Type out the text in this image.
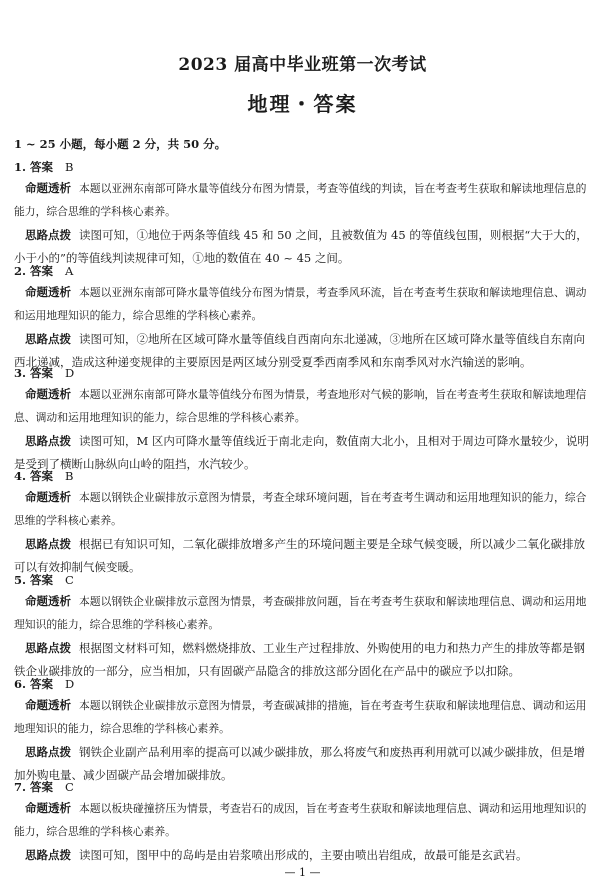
2023 届高中毕业班第一次考试
地理・答案
1 ~ 25 小题，每小题 2 分，共 50 分。
1. 答案 B
命题透析 本题以亚洲东南部可降水量等值线分布图为情景，考查等值线的判读，旨在考查考生获取和解读地理信息的能力，综合思维的学科核心素养。
思路点拨 读图可知，①地位于两条等值线 45 和 50 之间，且被数值为 45 的等值线包围，则根据“大于大的，小于小的”的等值线判读规律可知，①地的数值在 40 ~ 45 之间。
2. 答案 A
命题透析 本题以亚洲东南部可降水量等值线分布图为情景，考查季风环流，旨在考查考生获取和解读地理信息、调动和运用地理知识的能力，综合思维的学科核心素养。
思路点拨 读图可知，②地所在区域可降水量等值线自西南向东北递减，③地所在区域可降水量等值线自东南向西北递减，造成这种递变规律的主要原因是两区域分别受夏季西南季风和东南季风对水汽输送的影响。
3. 答案 D
命题透析 本题以亚洲东南部可降水量等值线分布图为情景，考查地形对气候的影响，旨在考查考生获取和解读地理信息、调动和运用地理知识的能力，综合思维的学科核心素养。
思路点拨 读图可知，M 区内可降水量等值线近于南北走向，数值南大北小，且相对于周边可降水量较少，说明是受到了横断山脉纵向山岭的阻挡，水汽较少。
4. 答案 B
命题透析 本题以钢铁企业碳排放示意图为情景，考查全球环境问题，旨在考查考生调动和运用地理知识的能力，综合思维的学科核心素养。
思路点拨 根据已有知识可知，二氧化碳排放增多产生的环境问题主要是全球气候变暖，所以减少二氧化碳排放可以有效抑制气候变暖。
5. 答案 C
命题透析 本题以钢铁企业碳排放示意图为情景，考查碳排放问题，旨在考查考生获取和解读地理信息、调动和运用地理知识的能力，综合思维的学科核心素养。
思路点拨 根据图文材料可知，燃料燃烧排放、工业生产过程排放、外购使用的电力和热力产生的排放等都是钢铁企业碳排放的一部分，应当相加，只有固碳产品隐含的排放这部分固化在产品中的碳应予以扣除。
6. 答案 D
命题透析 本题以钢铁企业碳排放示意图为情景，考查碳减排的措施，旨在考查考生获取和解读地理信息、调动和运用地理知识的能力，综合思维的学科核心素养。
思路点拨 钢铁企业副产品利用率的提高可以减少碳排放，那么将废气和废热再利用就可以减少碳排放，但是增加外购电量、减少固碳产品会增加碳排放。
7. 答案 C
命题透析 本题以板块碰撞挤压为情景，考查岩石的成因，旨在考查考生获取和解读地理信息、调动和运用地理知识的能力，综合思维的学科核心素养。
思路点拨 读图可知，图甲中的岛屿是由岩浆喷出形成的，主要由喷出岩组成，故最可能是玄武岩。
— 1 —
